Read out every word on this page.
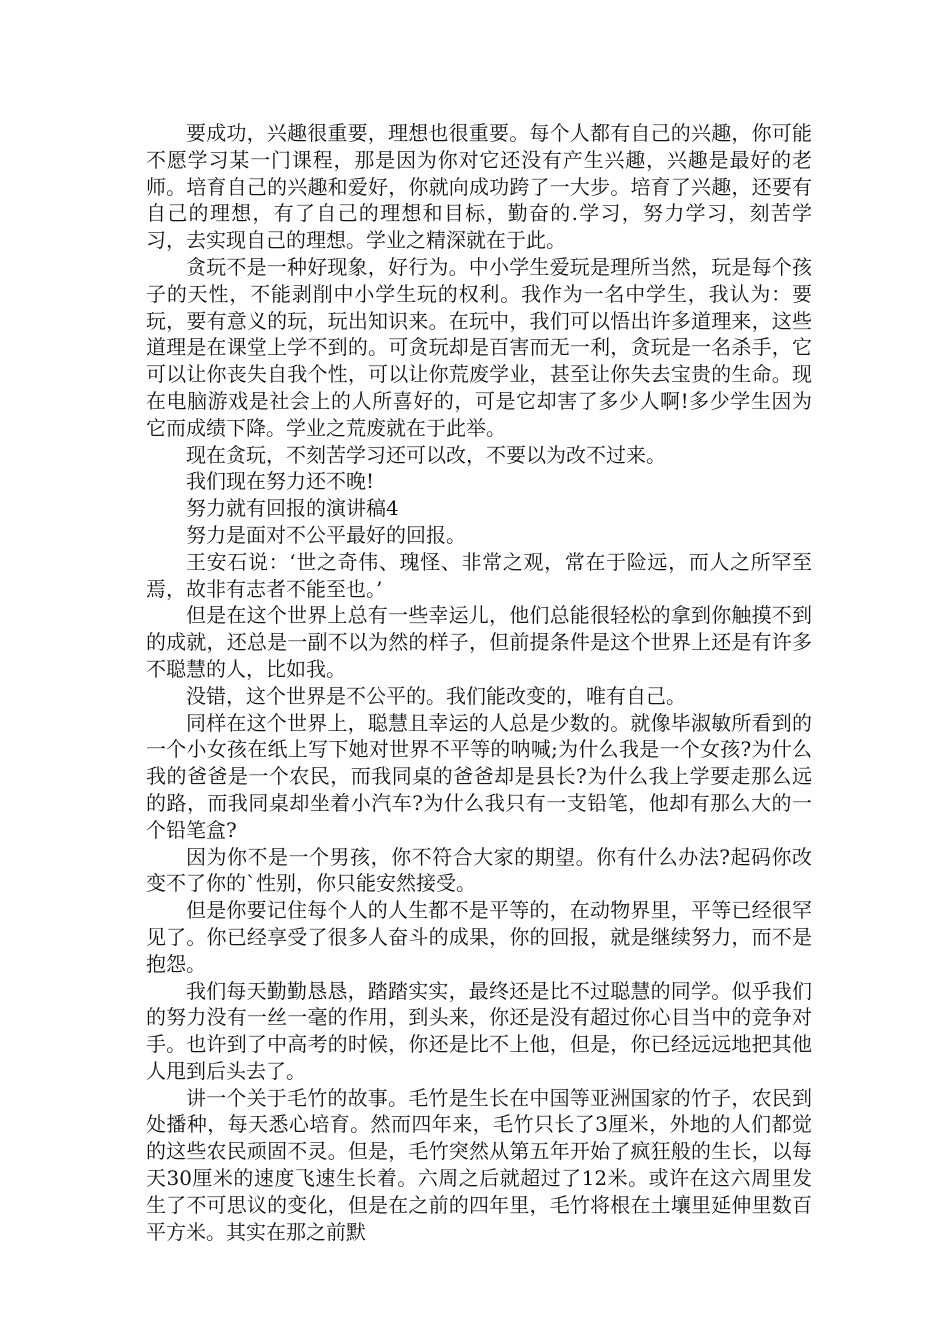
要成功，兴趣很重要，理想也很重要。每个人都有自己的兴趣，你可能不愿学习某一门课程，那是因为你对它还没有产生兴趣，兴趣是最好的老师。培育自己的兴趣和爱好，你就向成功跨了一大步。培育了兴趣，还要有自己的理想，有了自己的理想和目标，勤奋的.学习，努力学习，刻苦学习，去实现自己的理想。学业之精深就在于此。

贪玩不是一种好现象，好行为。中小学生爱玩是理所当然，玩是每个孩子的天性，不能剥削中小学生玩的权利。我作为一名中学生，我认为：要玩，要有意义的玩，玩出知识来。在玩中，我们可以悟出许多道理来，这些道理是在课堂上学不到的。可贪玩却是百害而无一利，贪玩是一名杀手，它可以让你丧失自我个性，可以让你荒废学业，甚至让你失去宝贵的生命。现在电脑游戏是社会上的人所喜好的，可是它却害了多少人啊!多少学生因为它而成绩下降。学业之荒废就在于此举。

现在贪玩，不刻苦学习还可以改，不要以为改不过来。

我们现在努力还不晚!

努力就有回报的演讲稿4

努力是面对不公平最好的回报。

王安石说：‘世之奇伟、瑰怪、非常之观，常在于险远，而人之所罕至焉，故非有志者不能至也。’

但是在这个世界上总有一些幸运儿，他们总能很轻松的拿到你触摸不到的成就，还总是一副不以为然的样子，但前提条件是这个世界上还是有许多不聪慧的人，比如我。

没错，这个世界是不公平的。我们能改变的，唯有自己。

同样在这个世界上，聪慧且幸运的人总是少数的。就像毕淑敏所看到的一个小女孩在纸上写下她对世界不平等的呐喊;为什么我是一个女孩?为什么我的爸爸是一个农民，而我同桌的爸爸却是县长?为什么我上学要走那么远的路，而我同桌却坐着小汽车?为什么我只有一支铅笔，他却有那么大的一个铅笔盒?

因为你不是一个男孩，你不符合大家的期望。你有什么办法?起码你改变不了你的`性别，你只能安然接受。

但是你要记住每个人的人生都不是平等的，在动物界里，平等已经很罕见了。你已经享受了很多人奋斗的成果，你的回报，就是继续努力，而不是抱怨。

我们每天勤勤恳恳，踏踏实实，最终还是比不过聪慧的同学。似乎我们的努力没有一丝一毫的作用，到头来，你还是没有超过你心目当中的竞争对手。也许到了中高考的时候，你还是比不上他，但是，你已经远远地把其他人甩到后头去了。

讲一个关于毛竹的故事。毛竹是生长在中国等亚洲国家的竹子，农民到处播种，每天悉心培育。然而四年来，毛竹只长了3厘米，外地的人们都觉的这些农民顽固不灵。但是，毛竹突然从第五年开始了疯狂般的生长，以每天30厘米的速度飞速生长着。六周之后就超过了12米。或许在这六周里发生了不可思议的变化，但是在之前的四年里，毛竹将根在土壤里延伸里数百平方米。其实在那之前默
